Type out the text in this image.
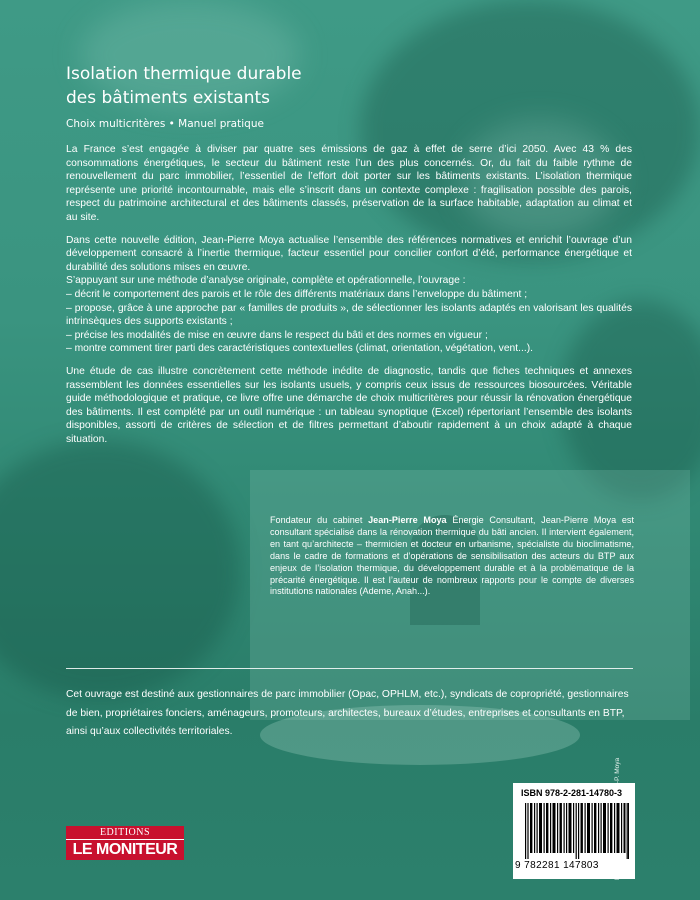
Isolation thermique durable
des bâtiments existants
Choix multicritères • Manuel pratique

La France s’est engagée à diviser par quatre ses émissions de gaz à effet de serre d’ici 2050. Avec 43 % des consommations énergétiques, le secteur du bâtiment reste l’un des plus concernés. Or, du fait du faible rythme de renouvellement du parc immobilier, l’essentiel de l’effort doit porter sur les bâtiments existants. L’isolation thermique représente une priorité incontournable, mais elle s’inscrit dans un contexte complexe : fragilisation possible des parois, respect du patrimoine architectural et des bâtiments classés, préservation de la surface habitable, adaptation au climat et au site.

Dans cette nouvelle édition, Jean-Pierre Moya actualise l’ensemble des références normatives et enrichit l’ouvrage d’un développement consacré à l’inertie thermique, facteur essentiel pour concilier confort d’été, performance énergétique et durabilité des solutions mises en œuvre.

S’appuyant sur une méthode d’analyse originale, complète et opérationnelle, l’ouvrage :
– décrit le comportement des parois et le rôle des différents matériaux dans l’enveloppe du bâtiment ;
– propose, grâce à une approche par « familles de produits », de sélectionner les isolants adaptés en valorisant les qualités intrinsèques des supports existants ;
– précise les modalités de mise en œuvre dans le respect du bâti et des normes en vigueur ;
– montre comment tirer parti des caractéristiques contextuelles (climat, orientation, végétation, vent...).

Une étude de cas illustre concrètement cette méthode inédite de diagnostic, tandis que fiches techniques et annexes rassemblent les données essentielles sur les isolants usuels, y compris ceux issus de ressources biosourcées. Véritable guide méthodologique et pratique, ce livre offre une démarche de choix multicritères pour réussir la rénovation énergétique des bâtiments. Il est complété par un outil numérique : un tableau synoptique (Excel) répertoriant l’ensemble des isolants disponibles, assorti de critères de sélection et de filtres permettant d’aboutir rapidement à un choix adapté à chaque situation.

Fondateur du cabinet Jean-Pierre Moya Énergie Consultant, Jean-Pierre Moya est consultant spécialisé dans la rénovation thermique du bâti ancien. Il intervient également, en tant qu’architecte – thermicien et docteur en urbanisme, spécialiste du bioclimatisme, dans le cadre de formations et d’opérations de sensibilisation des acteurs du BTP aux enjeux de l’isolation thermique, du développement durable et à la problématique de la précarité énergétique. Il est l’auteur de nombreux rapports pour le compte de diverses institutions nationales (Ademe, Anah...).
Cet ouvrage est destiné aux gestionnaires de parc immobilier (Opac, OPHLM, etc.), syndicats de copropriété, gestionnaires de bien, propriétaires fonciers, aménageurs, promoteurs, architectes, bureaux d’études, entreprises et consultants en BTP, ainsi qu’aux collectivités territoriales.
J.-P. Moya
ISBN 978-2-281-14780-3
9 782281 147803
EDITIONS
LE MONITEUR
